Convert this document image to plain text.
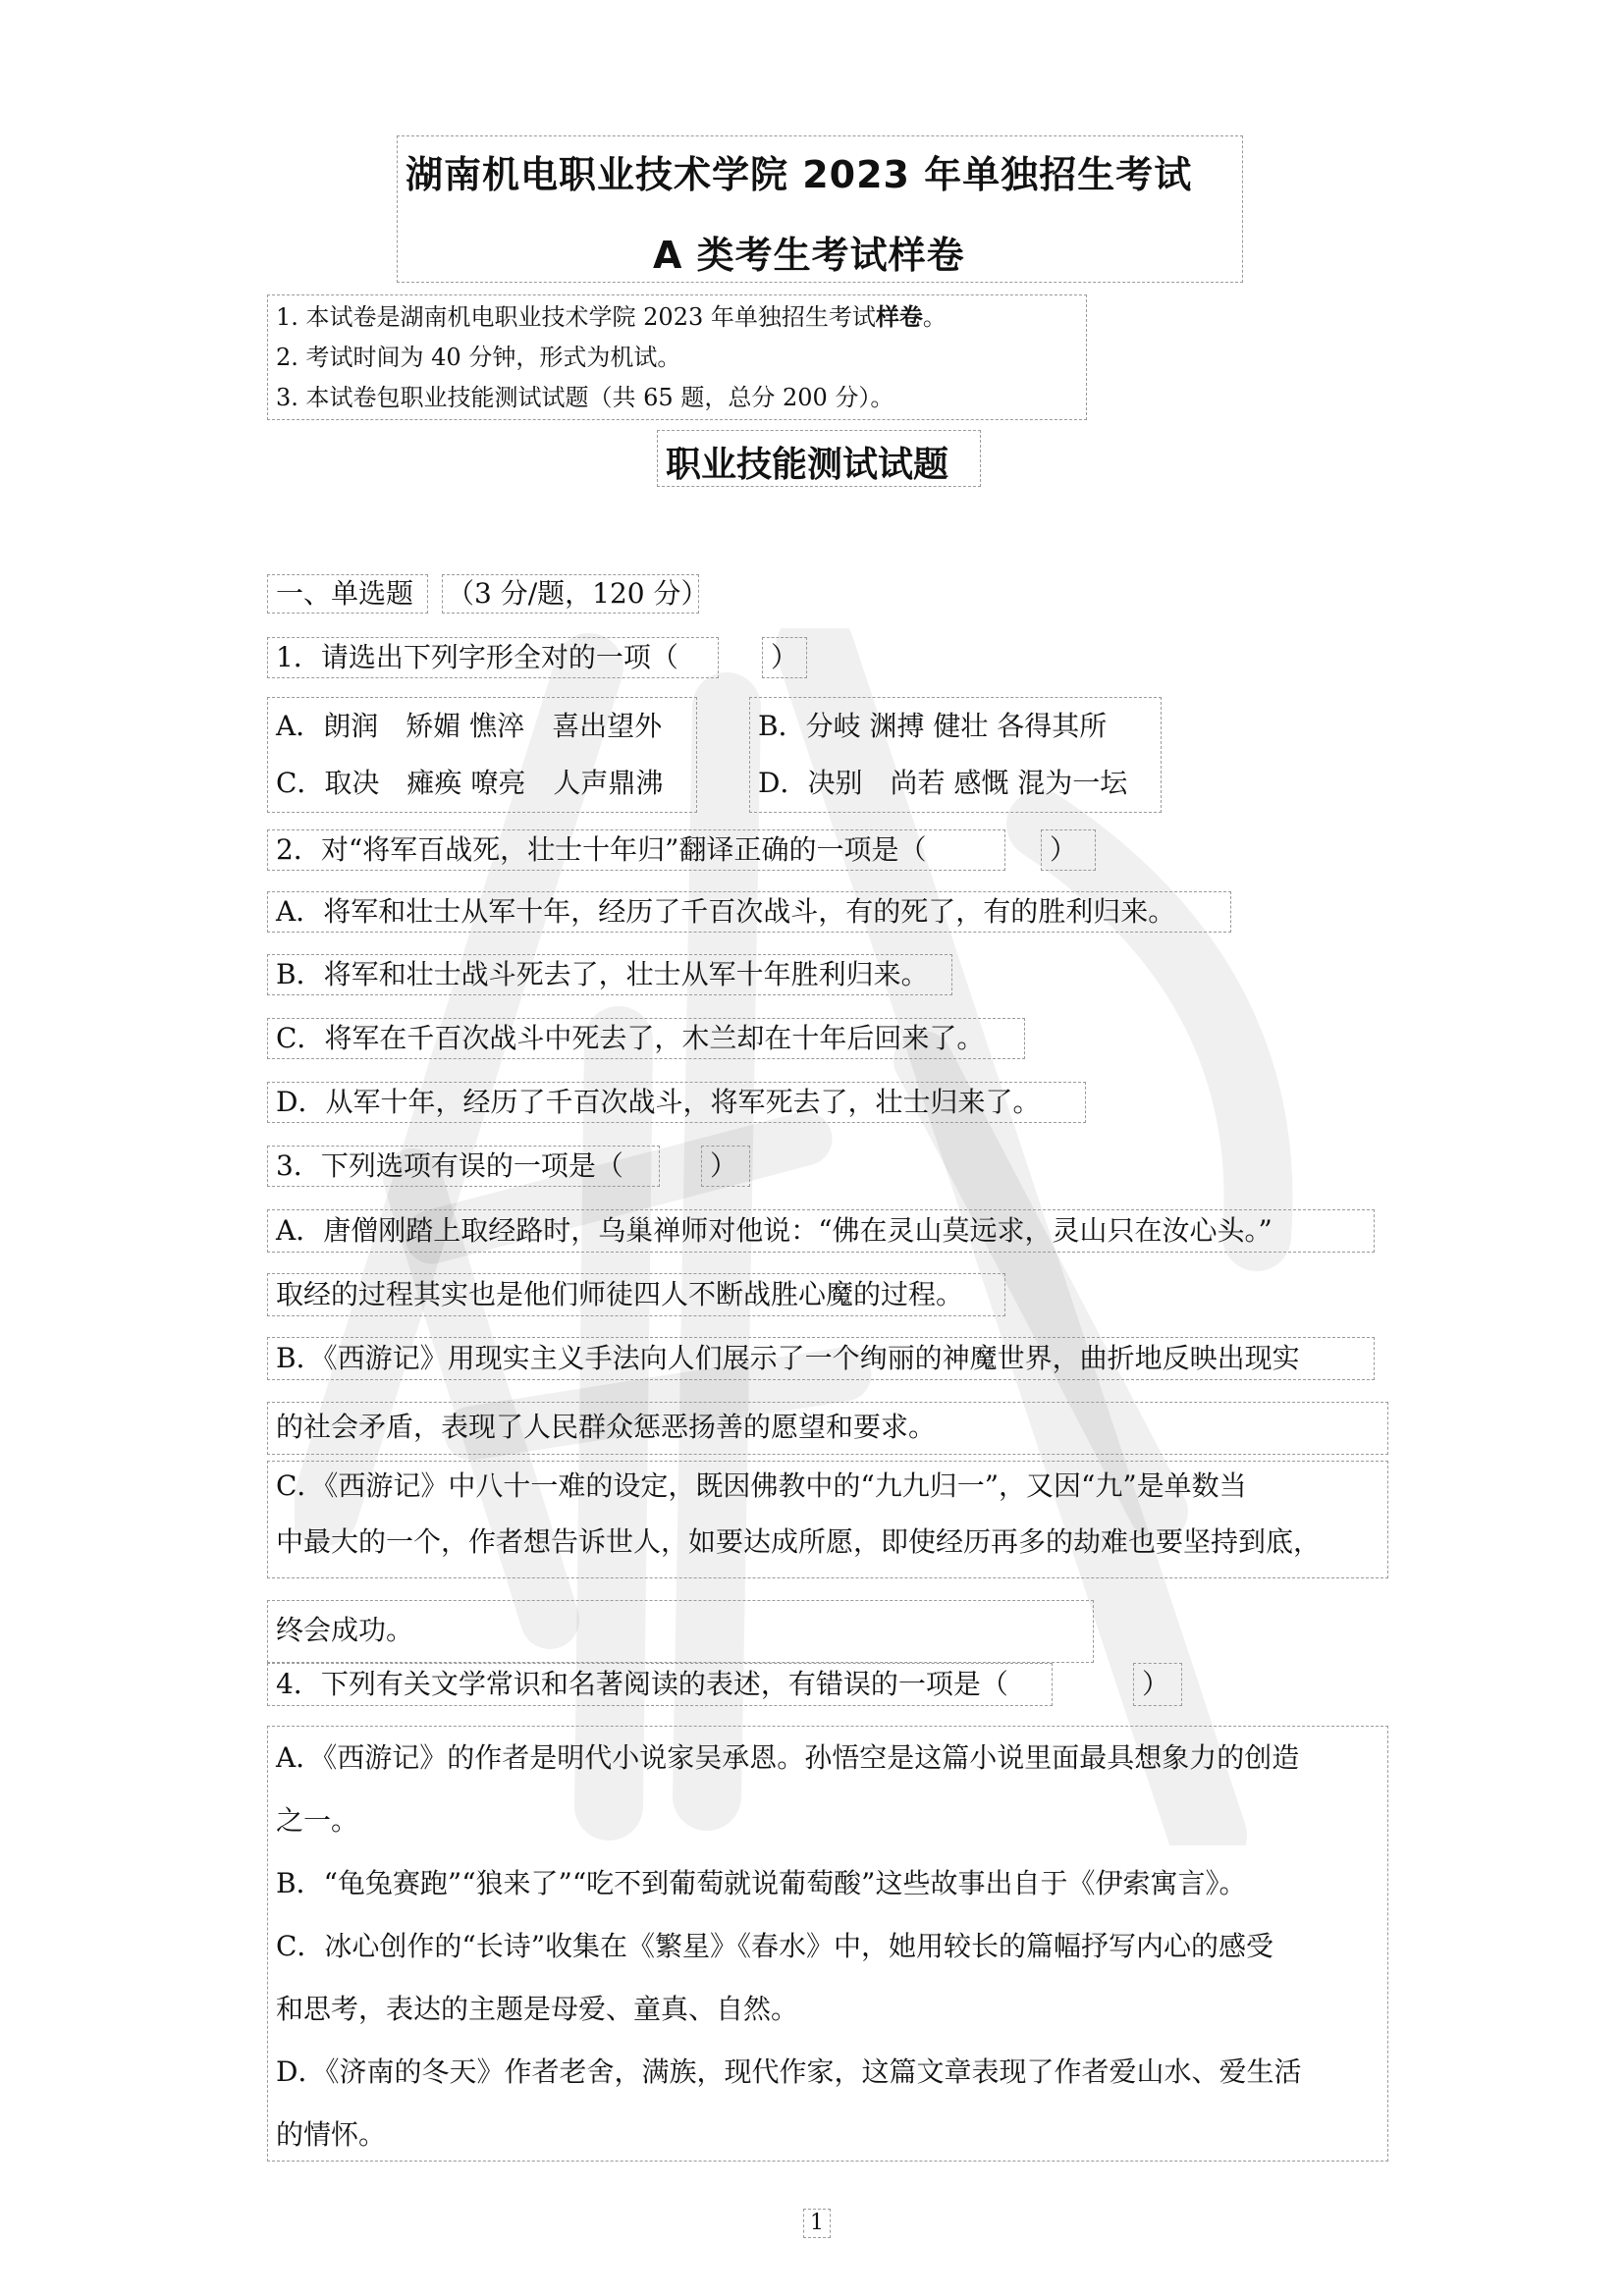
湖南机电职业技术学院 2023 年单独招生考试
A 类考生考试样卷
1. 本试卷是湖南机电职业技术学院 2023 年单独招生考试样卷。
2. 考试时间为 40 分钟，形式为机试。
3. 本试卷包职业技能测试试题（共 65 题，总分 200 分）。
职业技能测试试题
一、单选题	（3 分/题，120 分）
1．请选出下列字形全对的一项（	）
A．朗润　矫媚 憔淬　喜出望外
C．取决　瘫痪 嘹亮　人声鼎沸
B．分岐 渊搏 健壮 各得其所
D．决别　尚若 感慨 混为一坛
2．对“将军百战死，壮士十年归”翻译正确的一项是（	）
A．将军和壮士从军十年，经历了千百次战斗，有的死了，有的胜利归来。
B．将军和壮士战斗死去了，壮士从军十年胜利归来。
C．将军在千百次战斗中死去了，木兰却在十年后回来了。
D．从军十年，经历了千百次战斗，将军死去了，壮士归来了。
3．下列选项有误的一项是（	）
A．唐僧刚踏上取经路时，乌巢禅师对他说：“佛在灵山莫远求，灵山只在汝心头。”
取经的过程其实也是他们师徒四人不断战胜心魔的过程。
B．《西游记》用现实主义手法向人们展示了一个绚丽的神魔世界，曲折地反映出现实
的社会矛盾，表现了人民群众惩恶扬善的愿望和要求。
C．《西游记》中八十一难的设定，既因佛教中的“九九归一”，又因“九”是单数当
中最大的一个，作者想告诉世人，如要达成所愿，即使经历再多的劫难也要坚持到底，
终会成功。
4．下列有关文学常识和名著阅读的表述，有错误的一项是（	）
A．《西游记》的作者是明代小说家吴承恩。孙悟空是这篇小说里面最具想象力的创造
之一。
B．“龟兔赛跑”“狼来了”“吃不到葡萄就说葡萄酸”这些故事出自于《伊索寓言》。
C．冰心创作的“长诗”收集在《繁星》《春水》中，她用较长的篇幅抒写内心的感受
和思考，表达的主题是母爱、童真、自然。
D．《济南的冬天》作者老舍，满族，现代作家，这篇文章表现了作者爱山水、爱生活
的情怀。
1
